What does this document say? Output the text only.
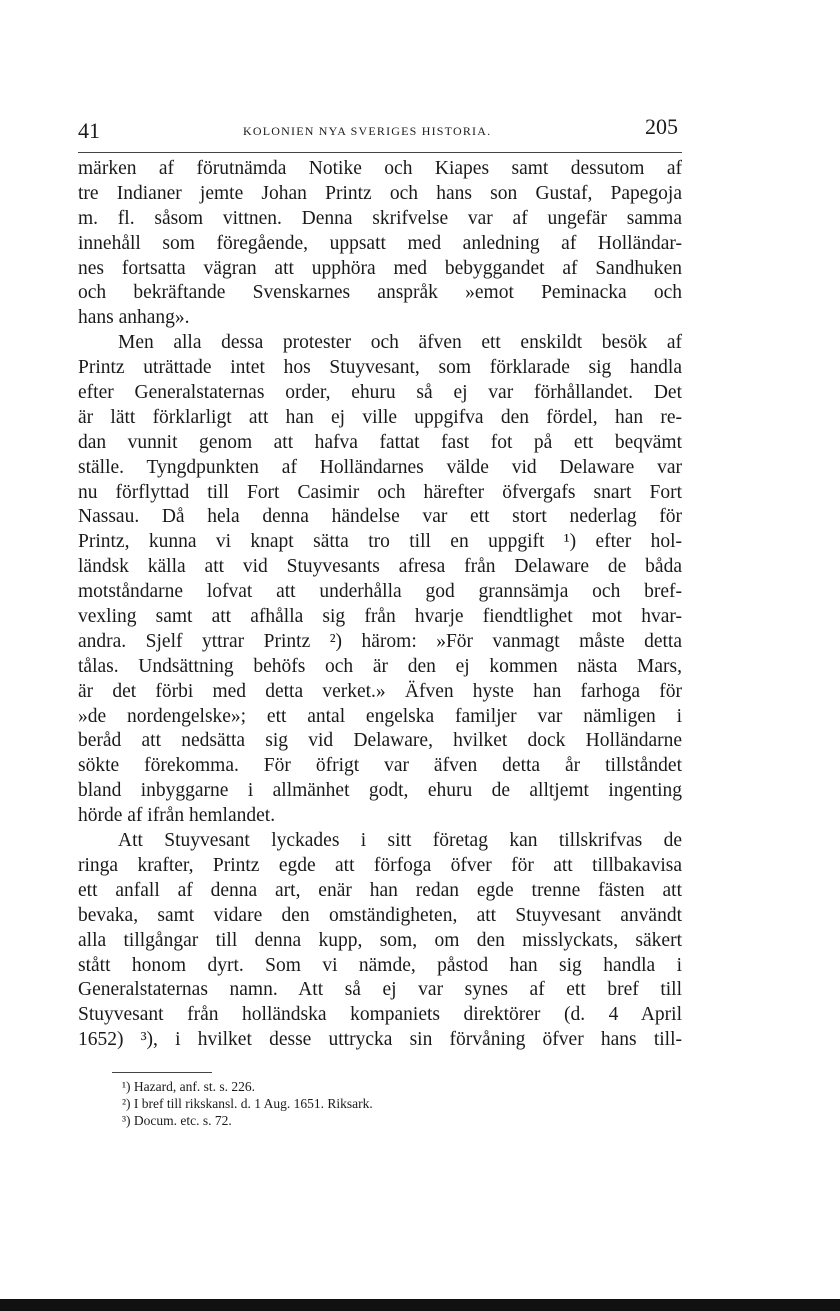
41	KOLONIEN NYA SVERIGES HISTORIA.	205
märken af förutnämda Notike och Kiapes samt dessutom af
tre Indianer jemte Johan Printz och hans son Gustaf, Papegoja
m. fl. såsom vittnen. Denna skrifvelse var af ungefär samma
innehåll som föregående, uppsatt med anledning af Holländar-
nes fortsatta vägran att upphöra med bebyggandet af Sandhuken
och bekräftande Svenskarnes anspråk »emot Peminacka och
hans anhang».
Men alla dessa protester och äfven ett enskildt besök af
Printz uträttade intet hos Stuyvesant, som förklarade sig handla
efter Generalstaternas order, ehuru så ej var förhållandet. Det
är lätt förklarligt att han ej ville uppgifva den fördel, han re-
dan vunnit genom att hafva fattat fast fot på ett beqvämt
ställe. Tyngdpunkten af Holländarnes välde vid Delaware var
nu förflyttad till Fort Casimir och härefter öfvergafs snart Fort
Nassau. Då hela denna händelse var ett stort nederlag för
Printz, kunna vi knapt sätta tro till en uppgift ¹) efter hol-
ländsk källa att vid Stuyvesants afresa från Delaware de båda
motståndarne lofvat att underhålla god grannsämja och bref-
vexling samt att afhålla sig från hvarje fiendtlighet mot hvar-
andra. Sjelf yttrar Printz ²) härom: »För vanmagt måste detta
tålas. Undsättning behöfs och är den ej kommen nästa Mars,
är det förbi med detta verket.» Äfven hyste han farhoga för
»de nordengelske»; ett antal engelska familjer var nämligen i
beråd att nedsätta sig vid Delaware, hvilket dock Holländarne
sökte förekomma. För öfrigt var äfven detta år tillståndet
bland inbyggarne i allmänhet godt, ehuru de alltjemt ingenting
hörde af ifrån hemlandet.
Att Stuyvesant lyckades i sitt företag kan tillskrifvas de
ringa krafter, Printz egde att förfoga öfver för att tillbakavisa
ett anfall af denna art, enär han redan egde trenne fästen att
bevaka, samt vidare den omständigheten, att Stuyvesant användt
alla tillgångar till denna kupp, som, om den misslyckats, säkert
stått honom dyrt. Som vi nämde, påstod han sig handla i
Generalstaternas namn. Att så ej var synes af ett bref till
Stuyvesant från holländska kompaniets direktörer (d. 4 April
1652) ³), i hvilket desse uttrycka sin förvåning öfver hans till-
¹) Hazard, anf. st. s. 226.
²) I bref till rikskansl. d. 1 Aug. 1651. Riksark.
³) Docum. etc. s. 72.
